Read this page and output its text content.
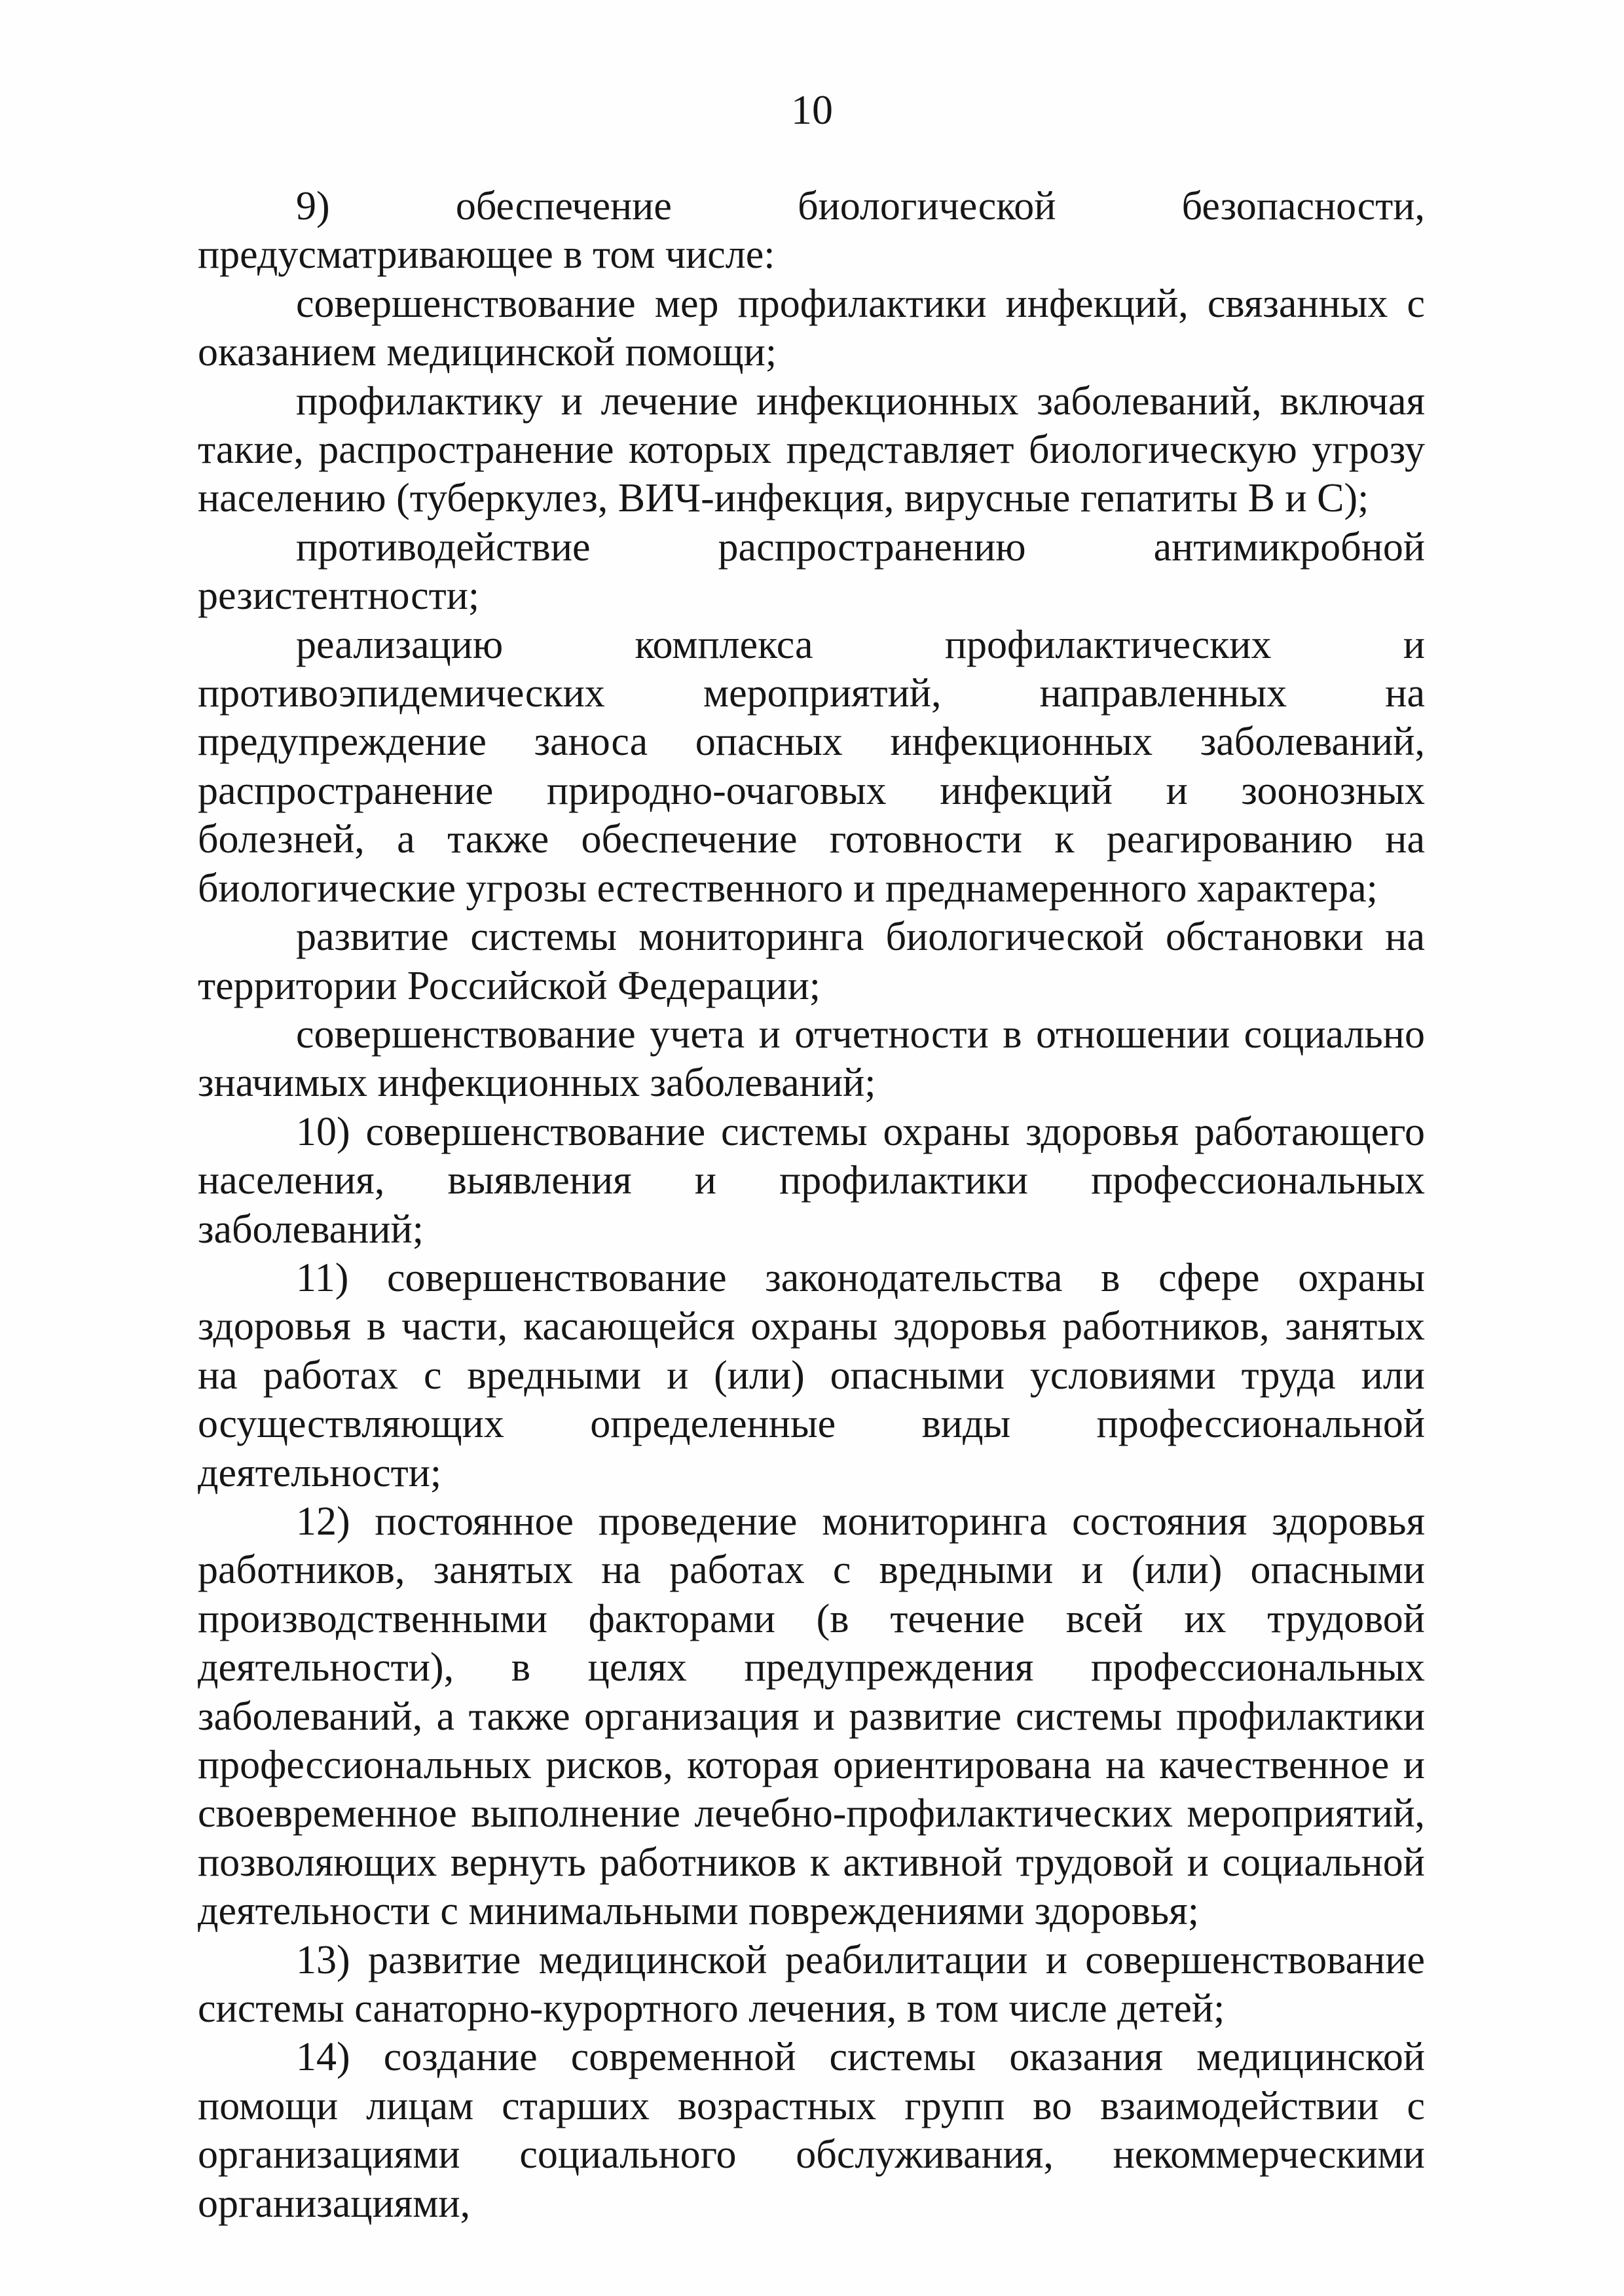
10

9) обеспечение биологической безопасности, предусматривающее в том числе:

совершенствование мер профилактики инфекций, связанных с оказанием медицинской помощи;

профилактику и лечение инфекционных заболеваний, включая такие, распространение которых представляет биологическую угрозу населению (туберкулез, ВИЧ-инфекция, вирусные гепатиты В и С);

противодействие распространению антимикробной резистентности;

реализацию комплекса профилактических и противоэпидемических мероприятий, направленных на предупреждение заноса опасных инфекционных заболеваний, распространение природно-очаговых инфекций и зоонозных болезней, а также обеспечение готовности к реагированию на биологические угрозы естественного и преднамеренного характера;

развитие системы мониторинга биологической обстановки на территории Российской Федерации;

совершенствование учета и отчетности в отношении социально значимых инфекционных заболеваний;

10) совершенствование системы охраны здоровья работающего населения, выявления и профилактики профессиональных заболеваний;

11) совершенствование законодательства в сфере охраны здоровья в части, касающейся охраны здоровья работников, занятых на работах с вредными и (или) опасными условиями труда или осуществляющих определенные виды профессиональной деятельности;

12) постоянное проведение мониторинга состояния здоровья работников, занятых на работах с вредными и (или) опасными производственными факторами (в течение всей их трудовой деятельности), в целях предупреждения профессиональных заболеваний, а также организация и развитие системы профилактики профессиональных рисков, которая ориентирована на качественное и своевременное выполнение лечебно-профилактических мероприятий, позволяющих вернуть работников к активной трудовой и социальной деятельности с минимальными повреждениями здоровья;

13) развитие медицинской реабилитации и совершенствование системы санаторно-курортного лечения, в том числе детей;

14) создание современной системы оказания медицинской помощи лицам старших возрастных групп во взаимодействии с организациями социального обслуживания, некоммерческими организациями,
